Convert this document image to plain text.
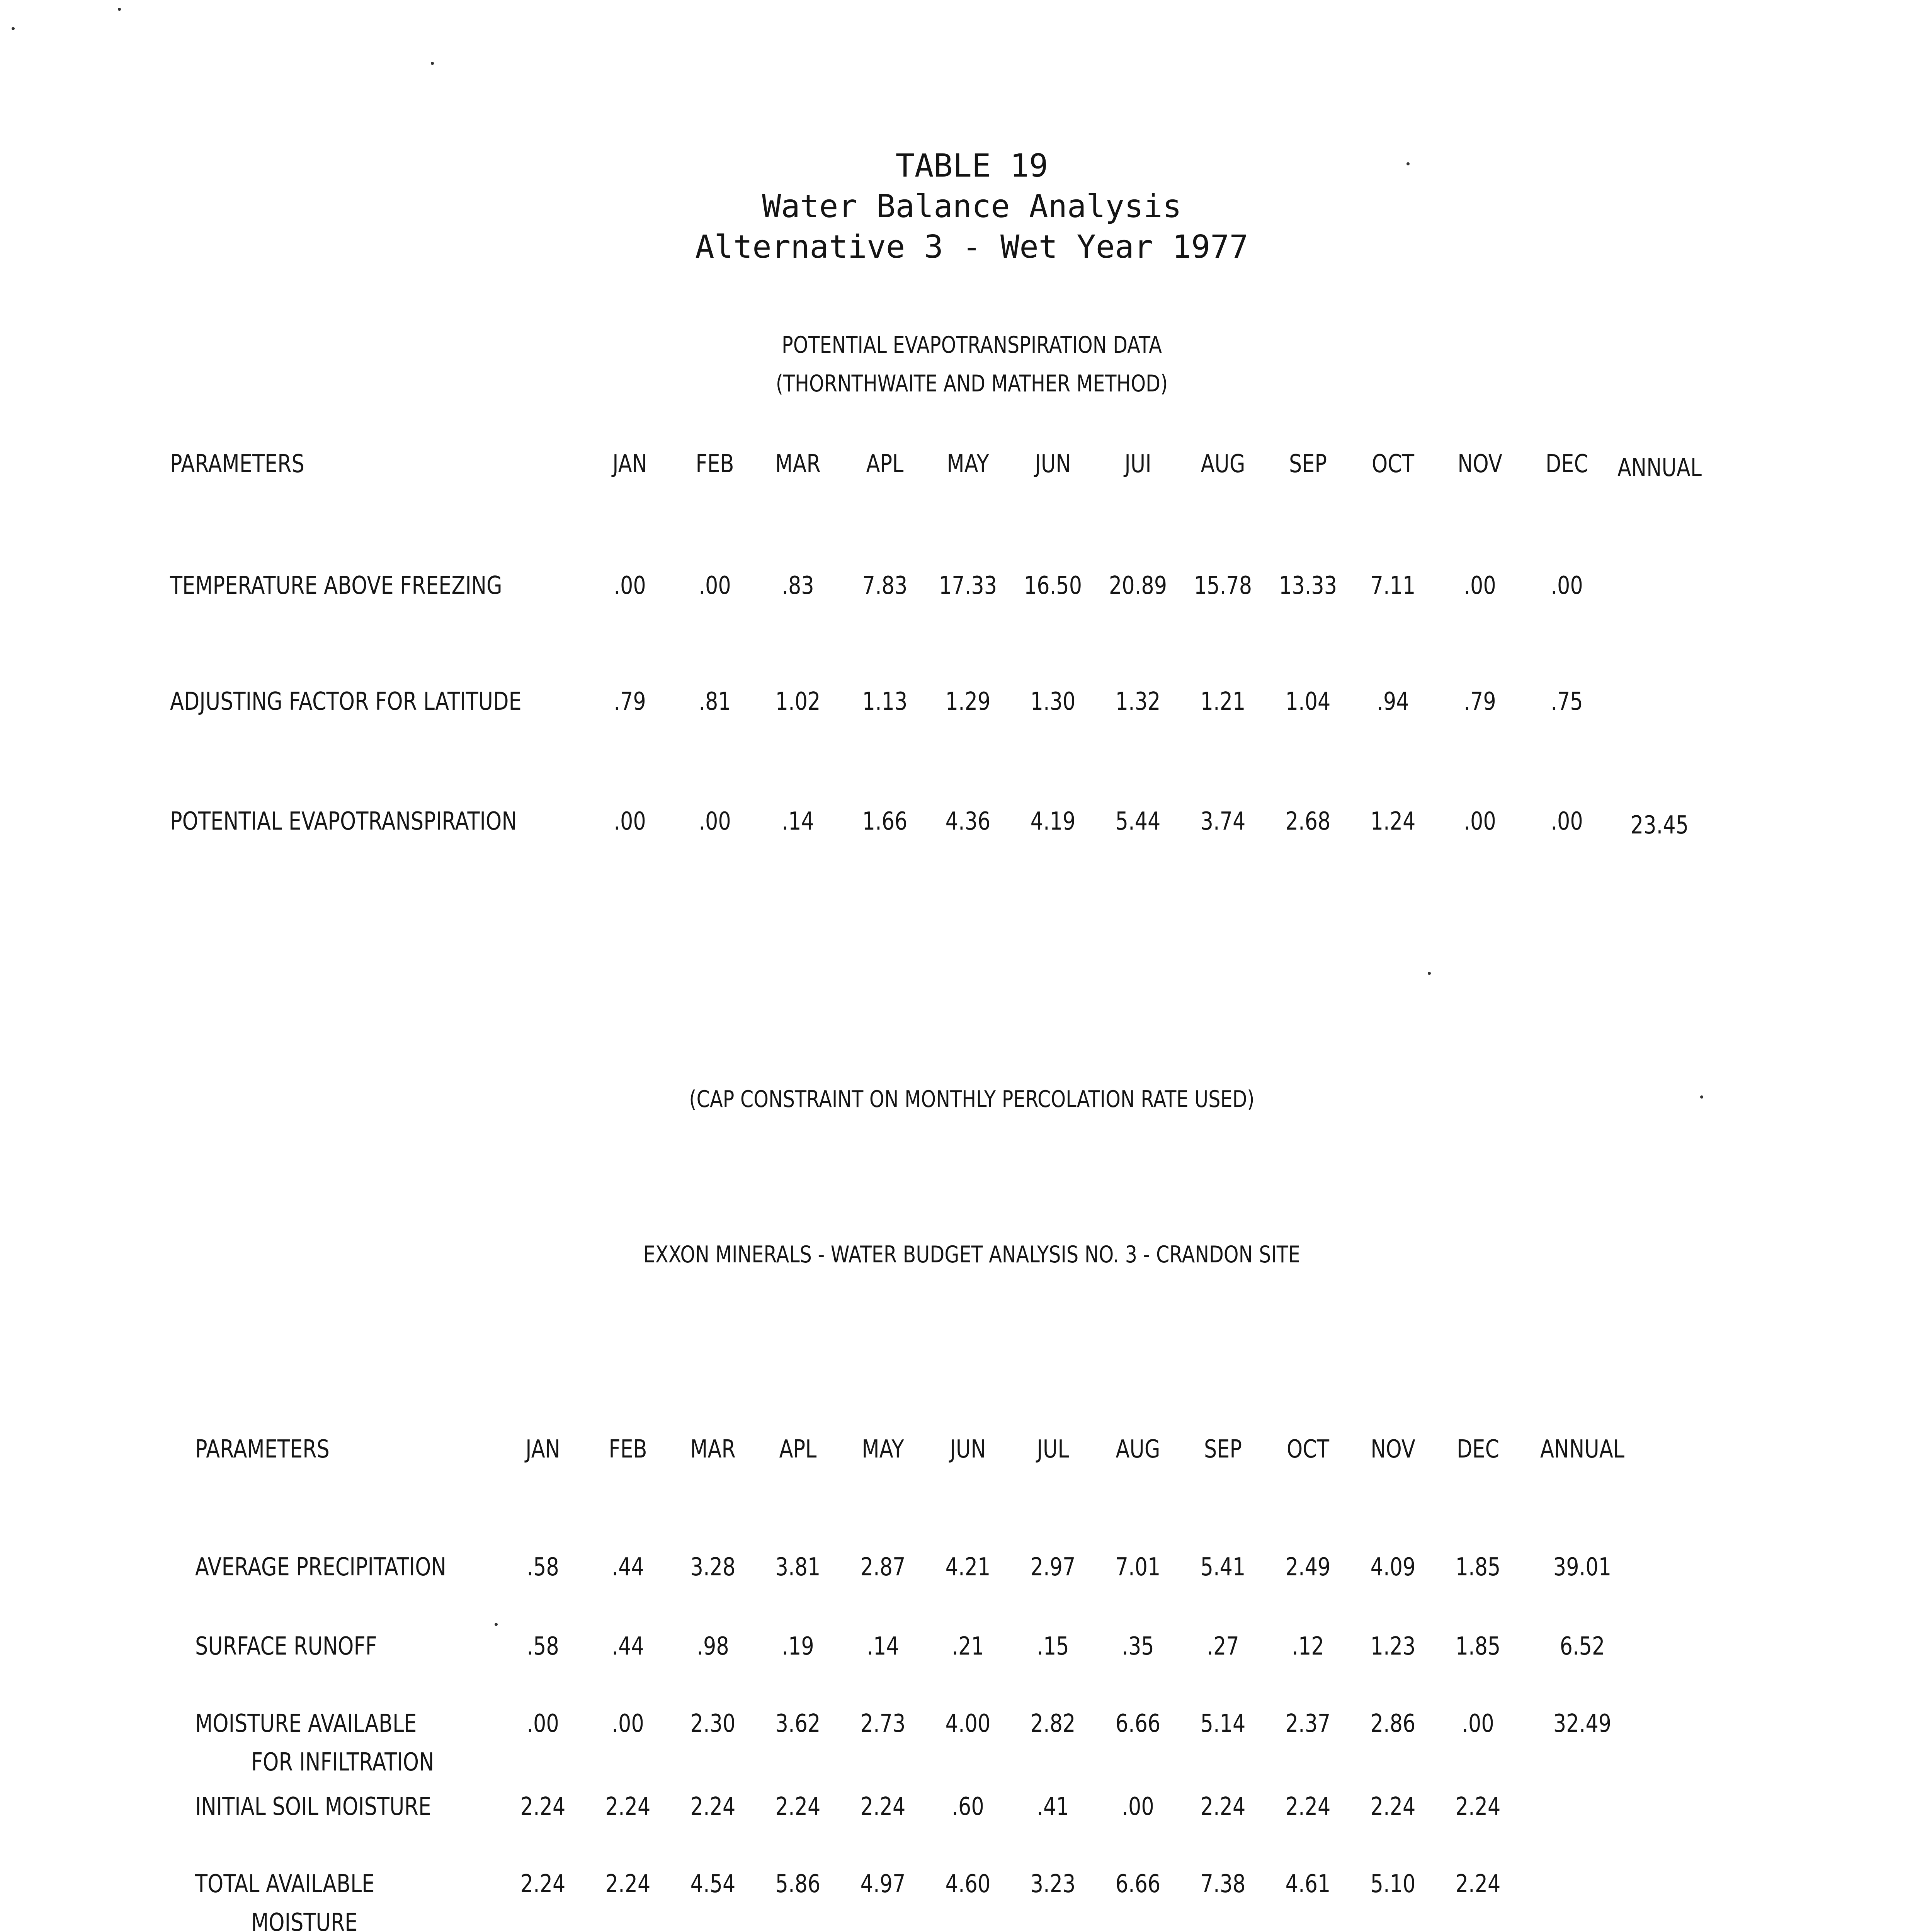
TABLE 19
Water Balance Analysis
Alternative 3 - Wet Year 1977
POTENTIAL EVAPOTRANSPIRATION DATA
(THORNTHWAITE AND MATHER METHOD)
PARAMETERS	JAN FEB MAR APL MAY JUN JUI AUG SEP OCT NOV DEC ANNUAL
TEMPERATURE ABOVE FREEZING	.00 .00 .83 7.83 17.33 16.50 20.89 15.78 13.33 7.11 .00 .00
ADJUSTING FACTOR FOR LATITUDE	.79 .81 1.02 1.13 1.29 1.30 1.32 1.21 1.04 .94 .79 .75
POTENTIAL EVAPOTRANSPIRATION	.00 .00 .14 1.66 4.36 4.19 5.44 3.74 2.68 1.24 .00 .00 23.45
(CAP CONSTRAINT ON MONTHLY PERCOLATION RATE USED)
EXXON MINERALS - WATER BUDGET ANALYSIS NO. 3 - CRANDON SITE
PARAMETERS	JAN FEB MAR APL MAY JUN JUL AUG SEP OCT NOV DEC ANNUAL
AVERAGE PRECIPITATION	.58 .44 3.28 3.81 2.87 4.21 2.97 7.01 5.41 2.49 4.09 1.85 39.01
SURFACE RUNOFF	.58 .44 .98 .19 .14 .21 .15 .35 .27 .12 1.23 1.85 6.52
MOISTURE AVAILABLE
FOR INFILTRATION
.00 .00 2.30 3.62 2.73 4.00 2.82 6.66 5.14 2.37 2.86 .00 32.49
INITIAL SOIL MOISTURE	2.24 2.24 2.24 2.24 2.24 .60 .41 .00 2.24 2.24 2.24 2.24
TOTAL AVAILABLE
MOISTURE
2.24 2.24 4.54 5.86 4.97 4.60 3.23 6.66 7.38 4.61 5.10 2.24
